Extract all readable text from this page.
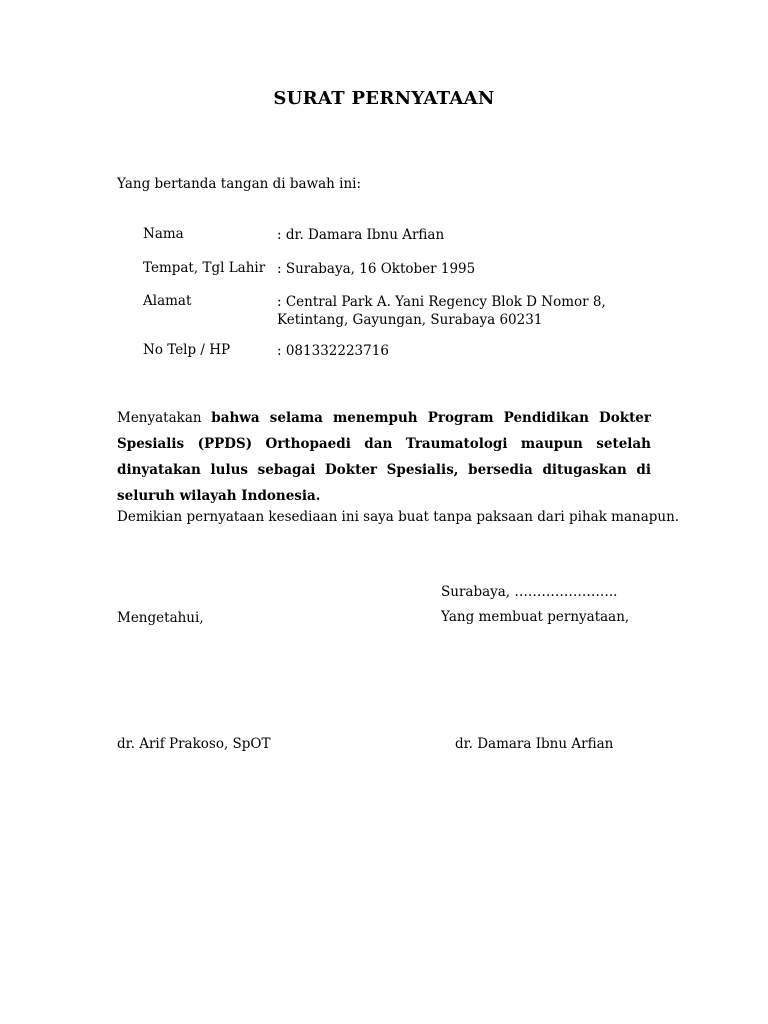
SURAT PERNYATAAN
Yang bertanda tangan di bawah ini:
Nama	: dr. Damara Ibnu Arfian
Tempat, Tgl Lahir : Surabaya, 16 Oktober 1995
Alamat	: Central Park A. Yani Regency Blok D Nomor 8, Ketintang, Gayungan, Surabaya 60231
No Telp / HP	: 081332223716
Menyatakan bahwa selama menempuh Program Pendidikan Dokter Spesialis (PPDS) Orthopaedi dan Traumatologi maupun setelah dinyatakan lulus sebagai Dokter Spesialis, bersedia ditugaskan di seluruh wilayah Indonesia.
Demikian pernyataan kesediaan ini saya buat tanpa paksaan dari pihak manapun.
Surabaya, …………………..
Mengetahui,	Yang membuat pernyataan,
dr. Arif Prakoso, SpOT	dr. Damara Ibnu Arfian
